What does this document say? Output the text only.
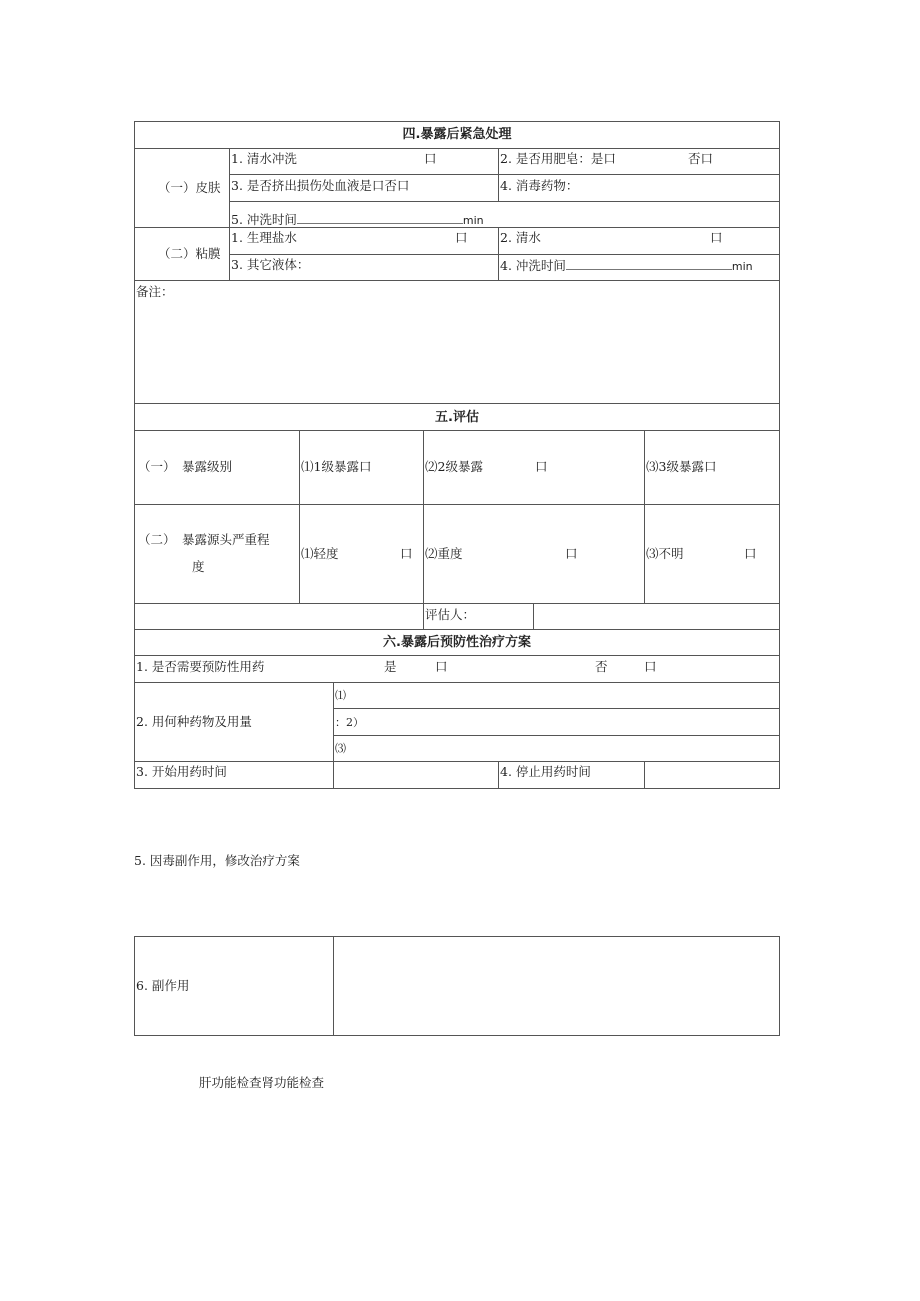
四.暴露后紧急处理
（一）皮肤
1. 清水冲洗	口	2. 是否用肥皂：是口	否口
3. 是否挤出损伤处血液是口否口	4. 消毒药物：
5. 冲洗时间	min
（二）粘膜
1. 生理盐水	口	2. 清水	口
3. 其它液体：	4. 冲洗时间	min
备注：
五.评估
（一） 暴露级别	⑴1级暴露口	⑵2级暴露	口	⑶3级暴露口
（二） 暴露源头严重程
度
⑴轻度	口 ⑵重度	口	⑶不明	口
评估人：
六.暴露后预防性治疗方案
1. 是否需要预防性用药	是	口	否	口
2. 用何种药物及用量
⑴
：2）
⑶
3. 开始用药时间	4. 停止用药时间
5. 因毒副作用，修改治疗方案
6. 副作用
肝功能检查肾功能检查
